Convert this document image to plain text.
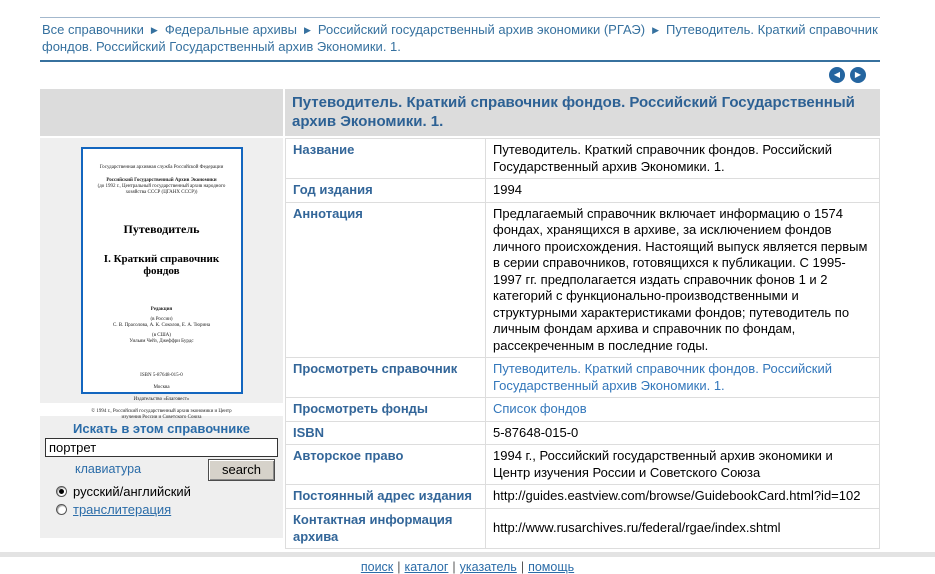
Все справочники ▶ Федеральные архивы ▶ Российский государственный архив экономики (РГАЭ) ▶ Путеводитель. Краткий справочник фондов. Российский Государственный архив Экономики. 1.
◀ ▶
Государственная архивная служба Российской Федерации
Российский Государственный Архив Экономики
(до 1992 г., Центральный государственный архив народного хозяйства СССР (ЦГАНХ СССР))
Путеводитель
I. Краткий справочник фондов
Редакция
(в России)
С. В. Прасолова, А. К. Соколов, Е. А. Тюрина
(в США)
Уильям Чейз, Джеффри Бурдс
ISBN 5-87648-015-0
Москва
Издательство «Благовест»
© 1994 г., Российский государственный архив экономики и Центр изучения России и Советского Союза
Искать в этом справочнике
портрет
клавиатура	search
русский/английский
транслитерация
Путеводитель. Краткий справочник фондов. Российский Государственный архив Экономики. 1.
Название	Путеводитель. Краткий справочник фондов. Российский Государственный архив Экономики. 1.
Год издания	1994
Аннотация	Предлагаемый справочник включает информацию о 1574 фондах, хранящихся в архиве, за исключением фондов личного происхождения. Настоящий выпуск является первым в серии справочников, готовящихся к публикации. С 1995-1997 гг. предполагается издать справочник фонов 1 и 2 категорий с функционально-производственными и структурными характеристиками фондов; путеводитель по личным фондам архива и справочник по фондам, рассекреченным в последние годы.
Просмотреть справочник	Путеводитель. Краткий справочник фондов. Российский Государственный архив Экономики. 1.
Просмотреть фонды	Список фондов
ISBN	5-87648-015-0
Авторское право	1994 г., Российский государственный архив экономики и Центр изучения России и Советского Союза
Постоянный адрес издания	http://guides.eastview.com/browse/GuidebookCard.html?id=102
Контактная информация архива	http://www.rusarchives.ru/federal/rgae/index.shtml
поиск | каталог | указатель | помощь
